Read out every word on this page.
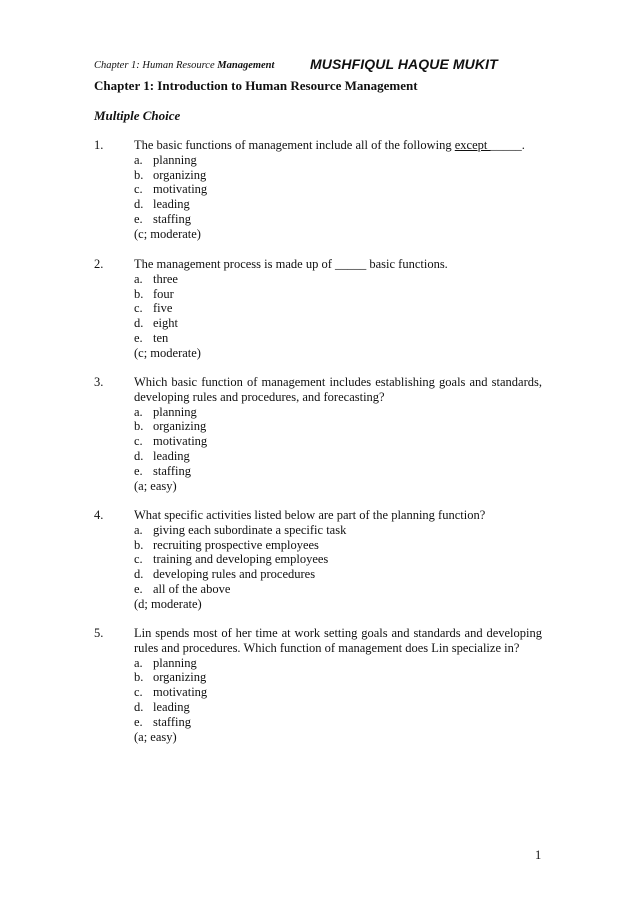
Chapter 1: Human Resource Management	MUSHFIQUL HAQUE MUKIT
Chapter 1: Introduction to Human Resource Management
Multiple Choice
1. The basic functions of management include all of the following except _____.
a. planning
b. organizing
c. motivating
d. leading
e. staffing
(c; moderate)
2. The management process is made up of _____ basic functions.
a. three
b. four
c. five
d. eight
e. ten
(c; moderate)
3. Which basic function of management includes establishing goals and standards, developing rules and procedures, and forecasting?
a. planning
b. organizing
c. motivating
d. leading
e. staffing
(a; easy)
4. What specific activities listed below are part of the planning function?
a. giving each subordinate a specific task
b. recruiting prospective employees
c. training and developing employees
d. developing rules and procedures
e. all of the above
(d; moderate)
5. Lin spends most of her time at work setting goals and standards and developing rules and procedures. Which function of management does Lin specialize in?
a. planning
b. organizing
c. motivating
d. leading
e. staffing
(a; easy)
1
